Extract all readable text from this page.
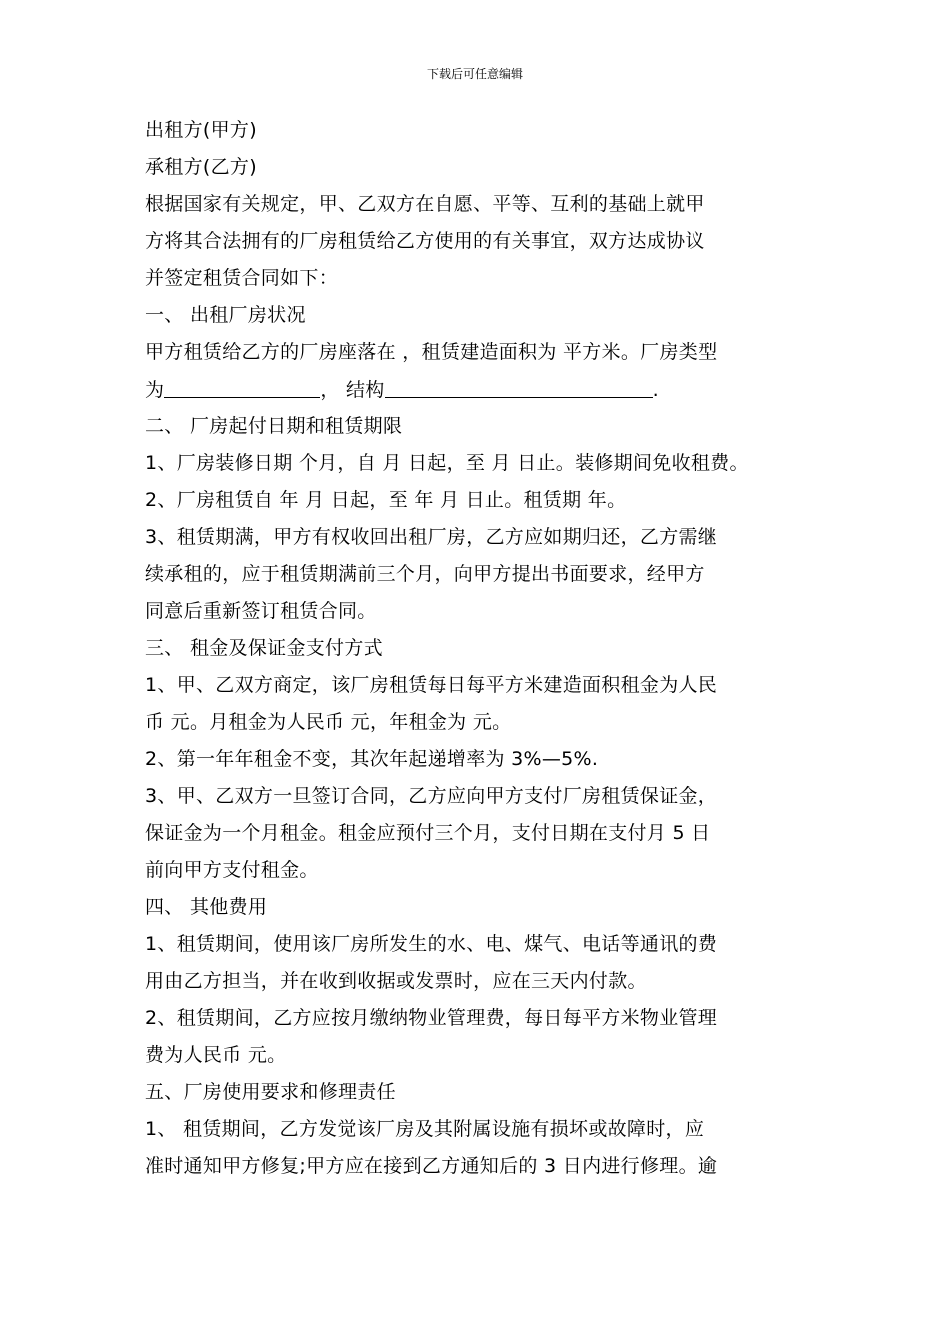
下载后可任意编辑
出租方(甲方)
承租方(乙方)
根据国家有关规定，甲、乙双方在自愿、平等、互利的基础上就甲
方将其合法拥有的厂房租赁给乙方使用的有关事宜，双方达成协议
并签定租赁合同如下：
一、 出租厂房状况
甲方租赁给乙方的厂房座落在 ，租赁建造面积为 平方米。厂房类型
为	， 结构	.
二、 厂房起付日期和租赁期限
1、厂房装修日期 个月，自 月 日起，至 月 日止。装修期间免收租费。
2、厂房租赁自 年 月 日起，至 年 月 日止。租赁期 年。
3、租赁期满，甲方有权收回出租厂房，乙方应如期归还，乙方需继
续承租的，应于租赁期满前三个月，向甲方提出书面要求，经甲方
同意后重新签订租赁合同。
三、 租金及保证金支付方式
1、甲、乙双方商定，该厂房租赁每日每平方米建造面积租金为人民
币 元。月租金为人民币 元，年租金为 元。
2、第一年年租金不变，其次年起递增率为 3%—5%.
3、甲、乙双方一旦签订合同，乙方应向甲方支付厂房租赁保证金，
保证金为一个月租金。租金应预付三个月，支付日期在支付月 5 日
前向甲方支付租金。
四、 其他费用
1、租赁期间，使用该厂房所发生的水、电、煤气、电话等通讯的费
用由乙方担当，并在收到收据或发票时，应在三天内付款。
2、租赁期间，乙方应按月缴纳物业管理费，每日每平方米物业管理
费为人民币 元。
五、厂房使用要求和修理责任
1、 租赁期间，乙方发觉该厂房及其附属设施有损坏或故障时，应
准时通知甲方修复;甲方应在接到乙方通知后的 3 日内进行修理。逾
